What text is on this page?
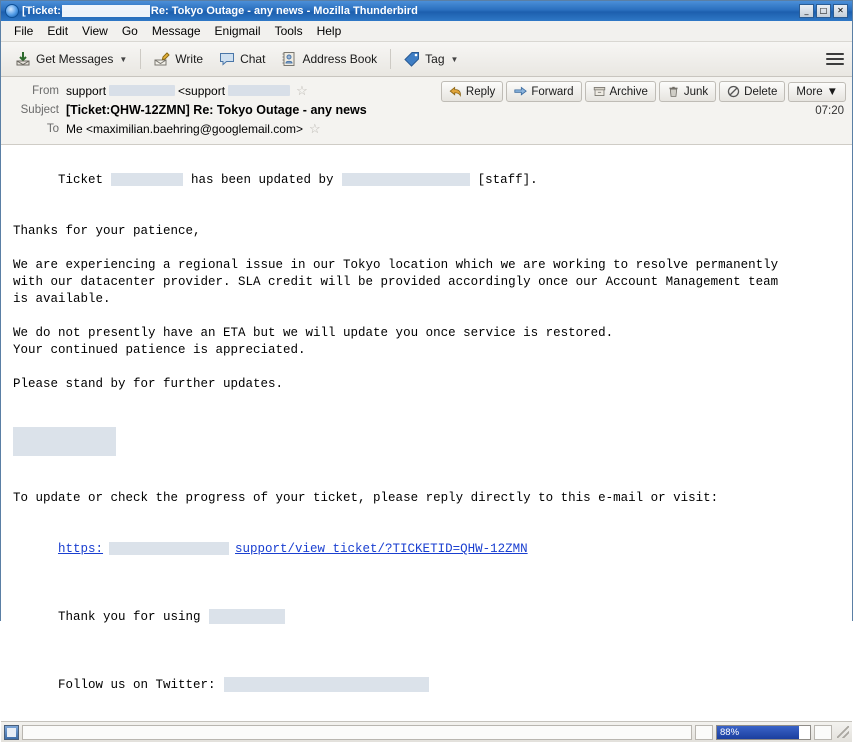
[Ticket:	Re: Tokyo Outage - any news - Mozilla Thunderbird	_	□	✕
File	Edit	View	Go	Message	Enigmail	Tools	Help
Get Messages ▼	Write	Chat	Address Book	Tag ▼
Reply	Forward	Archive	Junk	Delete More ▼
From support	<support	☆
Subject [Ticket:QHW-12ZMN] Re: Tokyo Outage - any news	07:20
To Me <maximilian.baehring@googlemail.com> ☆

Ticket	has been updated by	[staff].

Thanks for your patience,
We are experiencing a regional issue in our Tokyo location which we are working to resolve permanently
with our datacenter provider. SLA credit will be provided accordingly once our Account Management team
is available.
We do not presently have an ETA but we will update you once service is restored.
Your continued patience is appreciated.
Please stand by for further updates.
To update or check the progress of your ticket, please reply directly to this e-mail or visit:

https:	support/view_ticket/?TICKETID=QHW-12ZMN

Thank you for using

Follow us on Twitter:

88%
